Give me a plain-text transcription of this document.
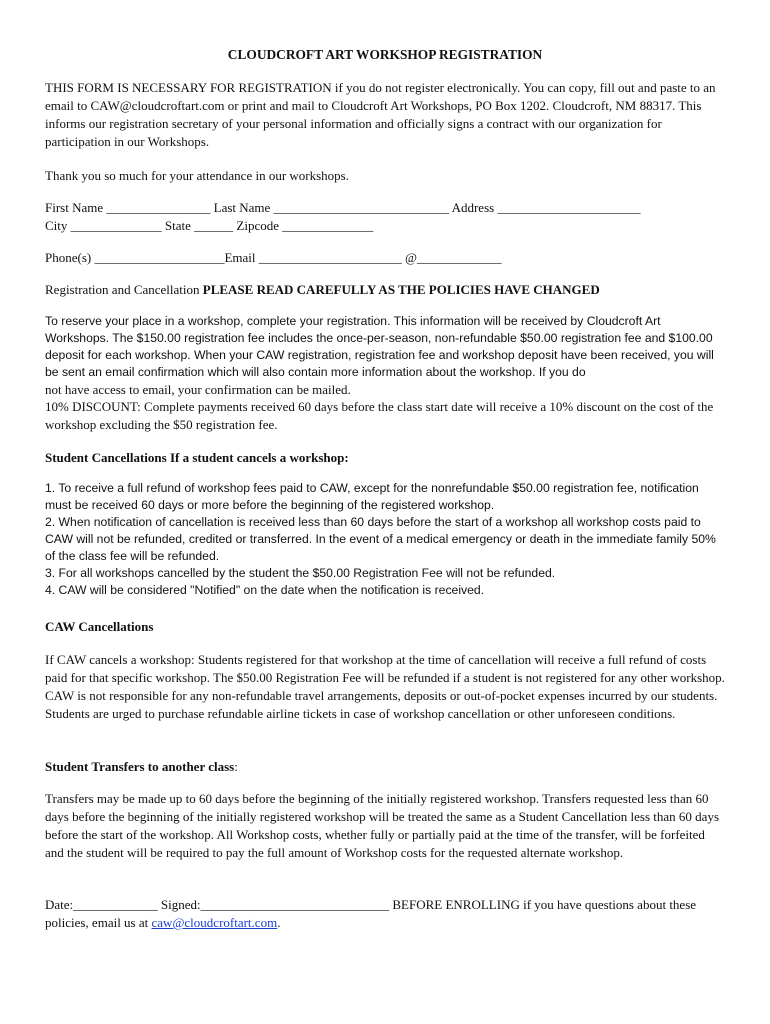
CLOUDCROFT ART WORKSHOP REGISTRATION

THIS FORM IS NECESSARY FOR REGISTRATION if you do not register electronically. You can copy, fill out and paste to an email to CAW@cloudcroftart.com or print and mail to Cloudcroft Art Workshops, PO Box 1202. Cloudcroft, NM 88317. This informs our registration secretary of your personal information and officially signs a contract with our organization for participation in our Workshops.

Thank you so much for your attendance in our workshops.

First Name ________________ Last Name ___________________________ Address ______________________
City ______________ State ______ Zipcode ______________

Phone(s) ____________________Email ______________________ @_____________

Registration and Cancellation PLEASE READ CAREFULLY AS THE POLICIES HAVE CHANGED

To reserve your place in a workshop, complete your registration. This information will be received by Cloudcroft Art Workshops. The $150.00 registration fee includes the once-per-season, non-refundable $50.00 registration fee and $100.00 deposit for each workshop. When your CAW registration, registration fee and workshop deposit have been received, you will be sent an email confirmation which will also contain more information about the workshop. If you do

not have access to email, your confirmation can be mailed.

10% DISCOUNT: Complete payments received 60 days before the class start date will receive a 10% discount on the cost of the workshop excluding the $50 registration fee.

Student Cancellations If a student cancels a workshop:

1. To receive a full refund of workshop fees paid to CAW, except for the nonrefundable $50.00 registration fee, notification must be received 60 days or more before the beginning of the registered workshop.
2. When notification of cancellation is received less than 60 days before the start of a workshop all workshop costs paid to CAW will not be refunded, credited or transferred. In the event of a medical emergency or death in the immediate family 50% of the class fee will be refunded.
3. For all workshops cancelled by the student the $50.00 Registration Fee will not be refunded.
4. CAW will be considered "Notified" on the date when the notification is received.

CAW Cancellations

If CAW cancels a workshop: Students registered for that workshop at the time of cancellation will receive a full refund of costs paid for that specific workshop. The $50.00 Registration Fee will be refunded if a student is not registered for any other workshop. CAW is not responsible for any non-refundable travel arrangements, deposits or out-of-pocket expenses incurred by our students. Students are urged to purchase refundable airline tickets in case of workshop cancellation or other unforeseen conditions.

Student Transfers to another class:

Transfers may be made up to 60 days before the beginning of the initially registered workshop. Transfers requested less than 60 days before the beginning of the initially registered workshop will be treated the same as a Student Cancellation less than 60 days before the start of the workshop. All Workshop costs, whether fully or partially paid at the time of the transfer, will be forfeited and the student will be required to pay the full amount of Workshop costs for the requested alternate workshop.

Date:_____________ Signed:_____________________________ BEFORE ENROLLING if you have questions about these policies, email us at caw@cloudcroftart.com.
